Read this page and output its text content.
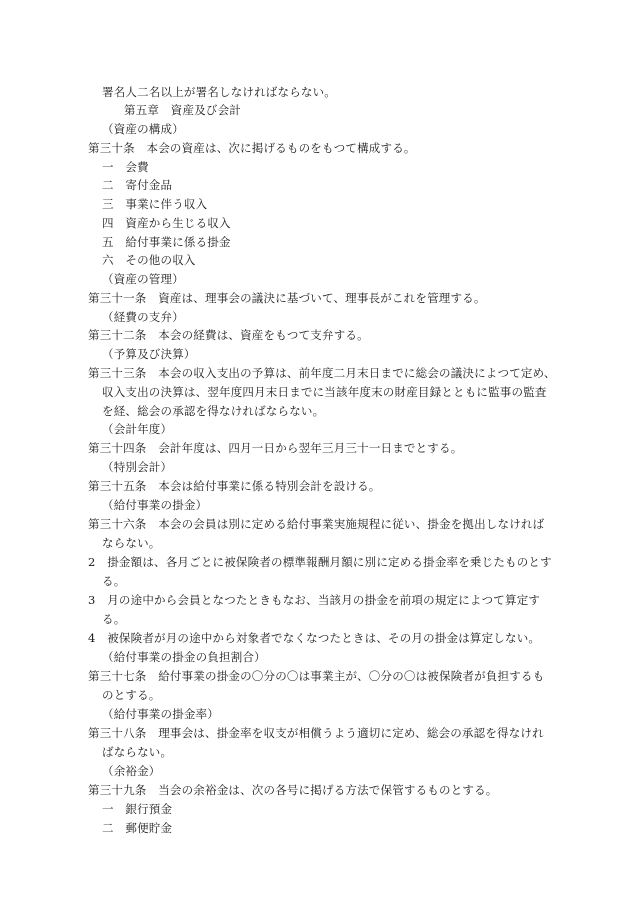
署名人二名以上が署名しなければならない。
第五章　資産及び会計
（資産の構成）
第三十条　本会の資産は、次に掲げるものをもつて構成する。
一　会費
二　寄付金品
三　事業に伴う収入
四　資産から生じる収入
五　給付事業に係る掛金
六　その他の収入
（資産の管理）
第三十一条　資産は、理事会の議決に基づいて、理事長がこれを管理する。
（経費の支弁）
第三十二条　本会の経費は、資産をもつて支弁する。
（予算及び決算）
第三十三条　本会の収入支出の予算は、前年度二月末日までに総会の議決によつて定め、
収入支出の決算は、翌年度四月末日までに当該年度末の財産目録とともに監事の監査
を経、総会の承認を得なければならない。
（会計年度）
第三十四条　会計年度は、四月一日から翌年三月三十一日までとする。
（特別会計）
第三十五条　本会は給付事業に係る特別会計を設ける。
（給付事業の掛金）
第三十六条　本会の会員は別に定める給付事業実施規程に従い、掛金を拠出しなければ
ならない。
2　掛金額は、各月ごとに被保険者の標準報酬月額に別に定める掛金率を乗じたものとす
る。
3　月の途中から会員となつたときもなお、当該月の掛金を前項の規定によつて算定す
る。
4　被保険者が月の途中から対象者でなくなつたときは、その月の掛金は算定しない。
（給付事業の掛金の負担割合）
第三十七条　給付事業の掛金の〇分の〇は事業主が、〇分の〇は被保険者が負担するも
のとする。
（給付事業の掛金率）
第三十八条　理事会は、掛金率を収支が相償うよう適切に定め、総会の承認を得なけれ
ばならない。
（余裕金）
第三十九条　当会の余裕金は、次の各号に掲げる方法で保管するものとする。
一　銀行預金
二　郵便貯金
